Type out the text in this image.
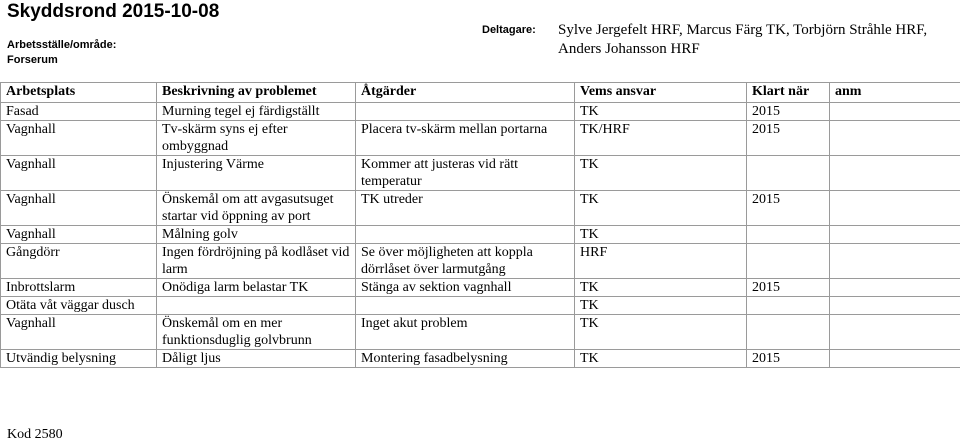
Skyddsrond 2015-10-08
Arbetsställe/område:
Forserum
Deltagare: Sylve Jergefelt HRF, Marcus Färg TK, Torbjörn Stråhle HRF, Anders Johansson HRF
Arbetsplats	Beskrivning av problemet	Åtgärder	Vems ansvar	Klart när	anm
Fasad	Murning tegel ej färdigställt		TK	2015	
Vagnhall	Tv-skärm syns ej efter ombyggnad	Placera tv-skärm mellan portarna	TK/HRF	2015	
Vagnhall	Injustering Värme	Kommer att justeras vid rätt temperatur	TK		
Vagnhall	Önskemål om att avgasutsuget startar vid öppning av port	TK utreder	TK	2015	
Vagnhall	Målning golv		TK		
Gångdörr	Ingen fördröjning på kodlåset vid larm	Se över möjligheten att koppla dörrlåset över larmutgång	HRF		
Inbrottslarm	Onödiga larm belastar TK	Stänga av sektion vagnhall	TK	2015	
Otäta våt väggar dusch			TK		
Vagnhall	Önskemål om en mer funktionsduglig golvbrunn	Inget akut problem	TK		
Utvändig belysning	Dåligt ljus	Montering fasadbelysning	TK	2015	
Kod 2580
